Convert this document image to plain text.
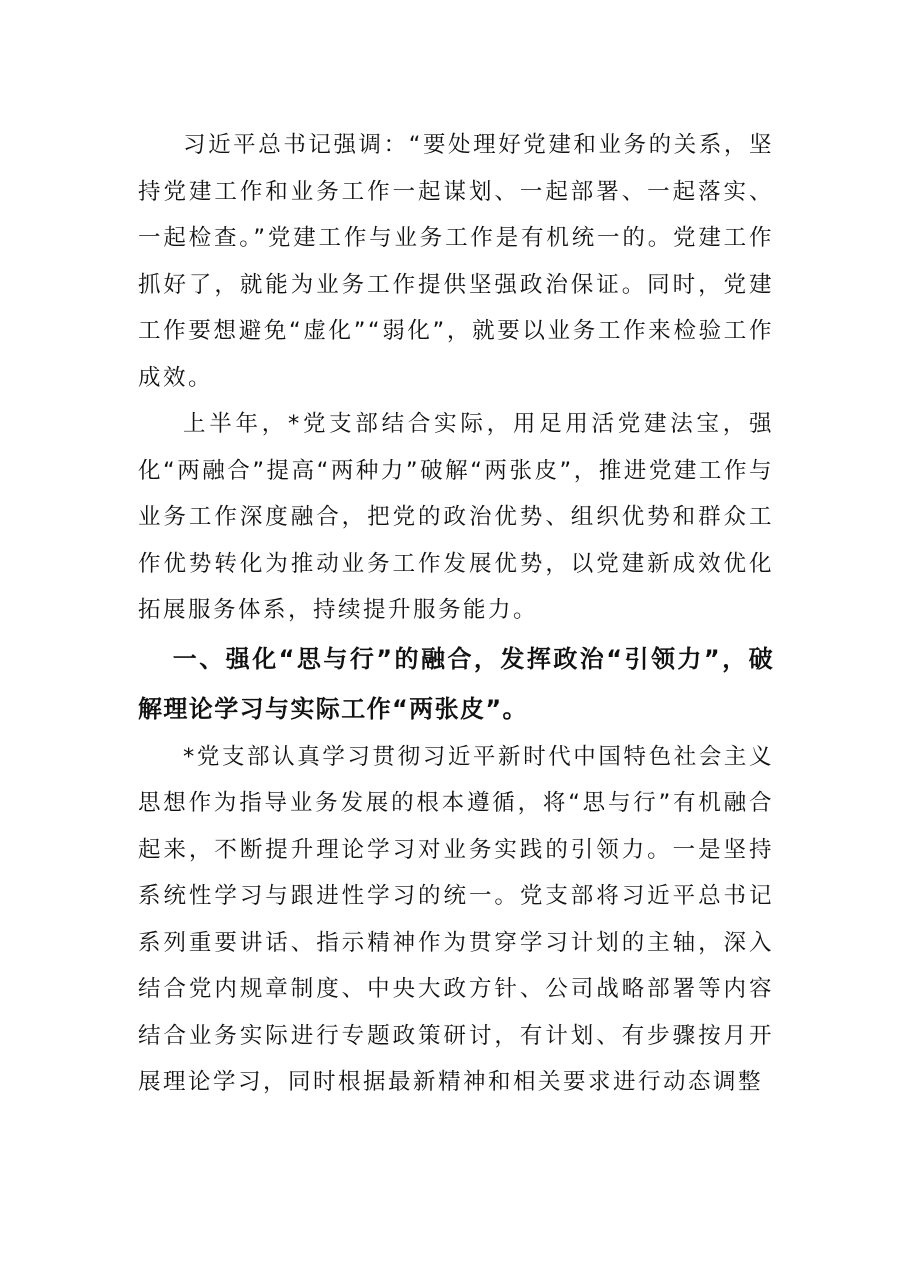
习近平总书记强调：“要处理好党建和业务的关系，坚持党建工作和业务工作一起谋划、一起部署、一起落实、一起检查。”党建工作与业务工作是有机统一的。党建工作抓好了，就能为业务工作提供坚强政治保证。同时，党建工作要想避免“虚化”“弱化”，就要以业务工作来检验工作成效。

上半年，*党支部结合实际，用足用活党建法宝，强化“两融合”提高“两种力”破解“两张皮”，推进党建工作与业务工作深度融合，把党的政治优势、组织优势和群众工作优势转化为推动业务工作发展优势，以党建新成效优化拓展服务体系，持续提升服务能力。

一、强化“思与行”的融合，发挥政治“引领力”，破解理论学习与实际工作“两张皮”。

*党支部认真学习贯彻习近平新时代中国特色社会主义思想作为指导业务发展的根本遵循，将“思与行”有机融合起来，不断提升理论学习对业务实践的引领力。一是坚持系统性学习与跟进性学习的统一。党支部将习近平总书记系列重要讲话、指示精神作为贯穿学习计划的主轴，深入结合党内规章制度、中央大政方针、公司战略部署等内容结合业务实际进行专题政策研讨，有计划、有步骤按月开展理论学习，同时根据最新精神和相关要求进行动态调整
